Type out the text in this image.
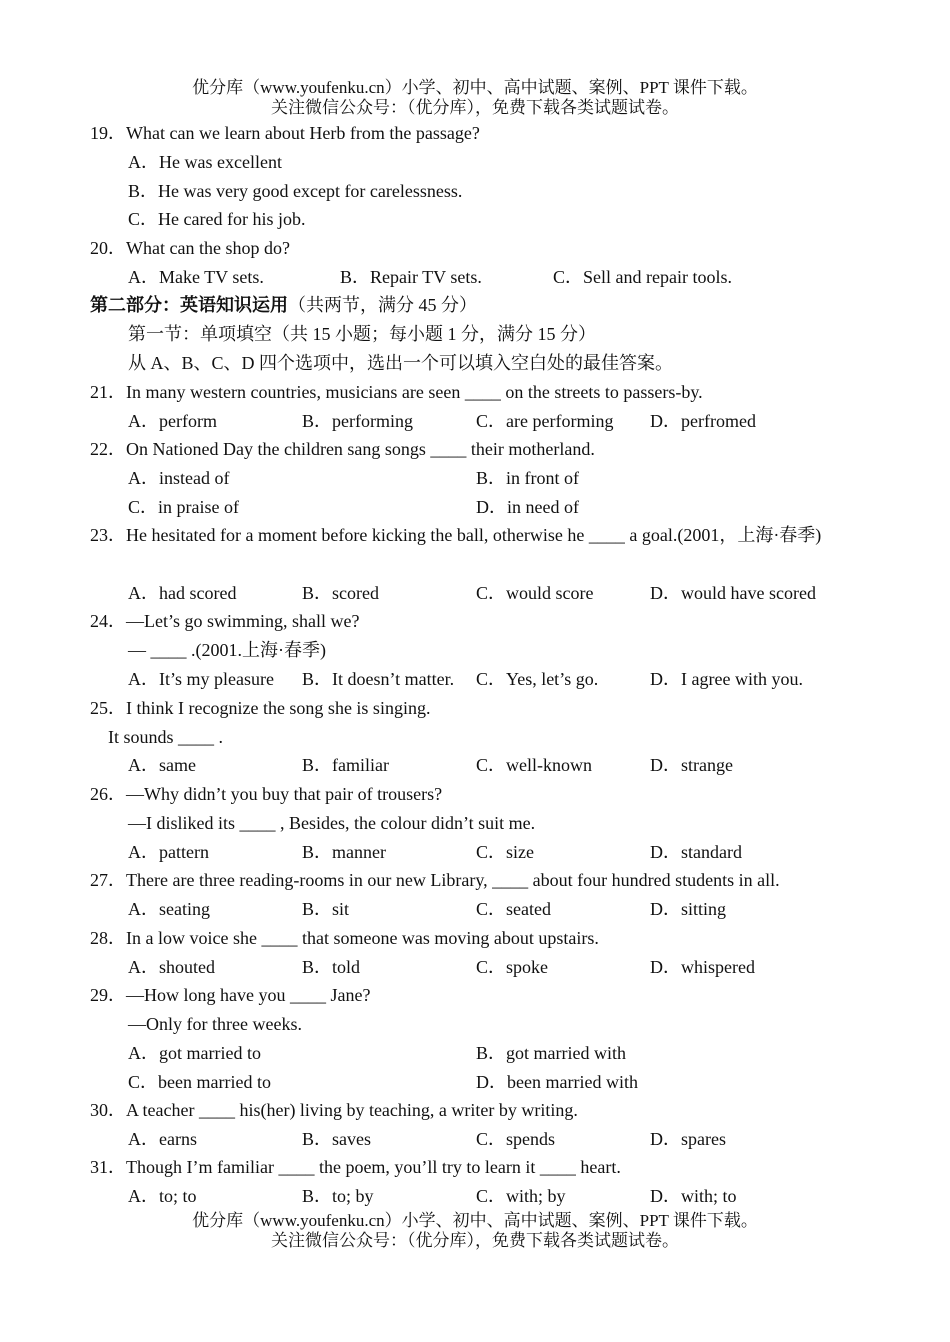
优分库（www.youfenku.cn）小学、初中、高中试题、案例、PPT 课件下载。
关注微信公众号：（优分库），免费下载各类试题试卷。
19．What can we learn about Herb from the passage?
A．He was excellent
B．He was very good except for carelessness.
C．He cared for his job.
20．What can the shop do?
A．Make TV sets.	B．Repair TV sets.	C．Sell and repair tools.
第二部分：英语知识运用（共两节，满分 45 分）
第一节：单项填空（共 15 小题；每小题 1 分，满分 15 分）
从 A、B、C、D 四个选项中，选出一个可以填入空白处的最佳答案。
21．In many western countries, musicians are seen ____ on the streets to passers-by.
A．perform	B．performing	C．are performing D．perfromed
22．On Nationed Day the children sang songs ____ their motherland.
A．instead of	B．in front of
C．in praise of	D．in need of
23．He hesitated for a moment before kicking the ball, otherwise he ____ a goal.(2001，上海·春季)
A．had scored	B．scored	C．would score	D．would have scored
24．—Let’s go swimming, shall we?
— ____ .(2001.上海·春季)
A．It’s my pleasure B．It doesn’t matter. C．Yes, let’s go.	D．I agree with you.
25．I think I recognize the song she is singing.
It sounds ____ .
A．same	B．familiar	C．well-known	D．strange
26．—Why didn’t you buy that pair of trousers?
—I disliked its ____ , Besides, the colour didn’t suit me.
A．pattern	B．manner	C．size	D．standard
27．There are three reading-rooms in our new Library, ____ about four hundred students in all.
A．seating	B．sit	C．seated	D．sitting
28．In a low voice she ____ that someone was moving about upstairs.
A．shouted	B．told	C．spoke	D．whispered
29．—How long have you ____ Jane?
—Only for three weeks.
A．got married to	B．got married with
C．been married to	D．been married with
30．A teacher ____ his(her) living by teaching, a writer by writing.
A．earns	B．saves	C．spends	D．spares
31．Though I’m familiar ____ the poem, you’ll try to learn it ____ heart.
A．to; to	B．to; by	C．with; by	D．with; to
优分库（www.youfenku.cn）小学、初中、高中试题、案例、PPT 课件下载。
关注微信公众号：（优分库），免费下载各类试题试卷。
